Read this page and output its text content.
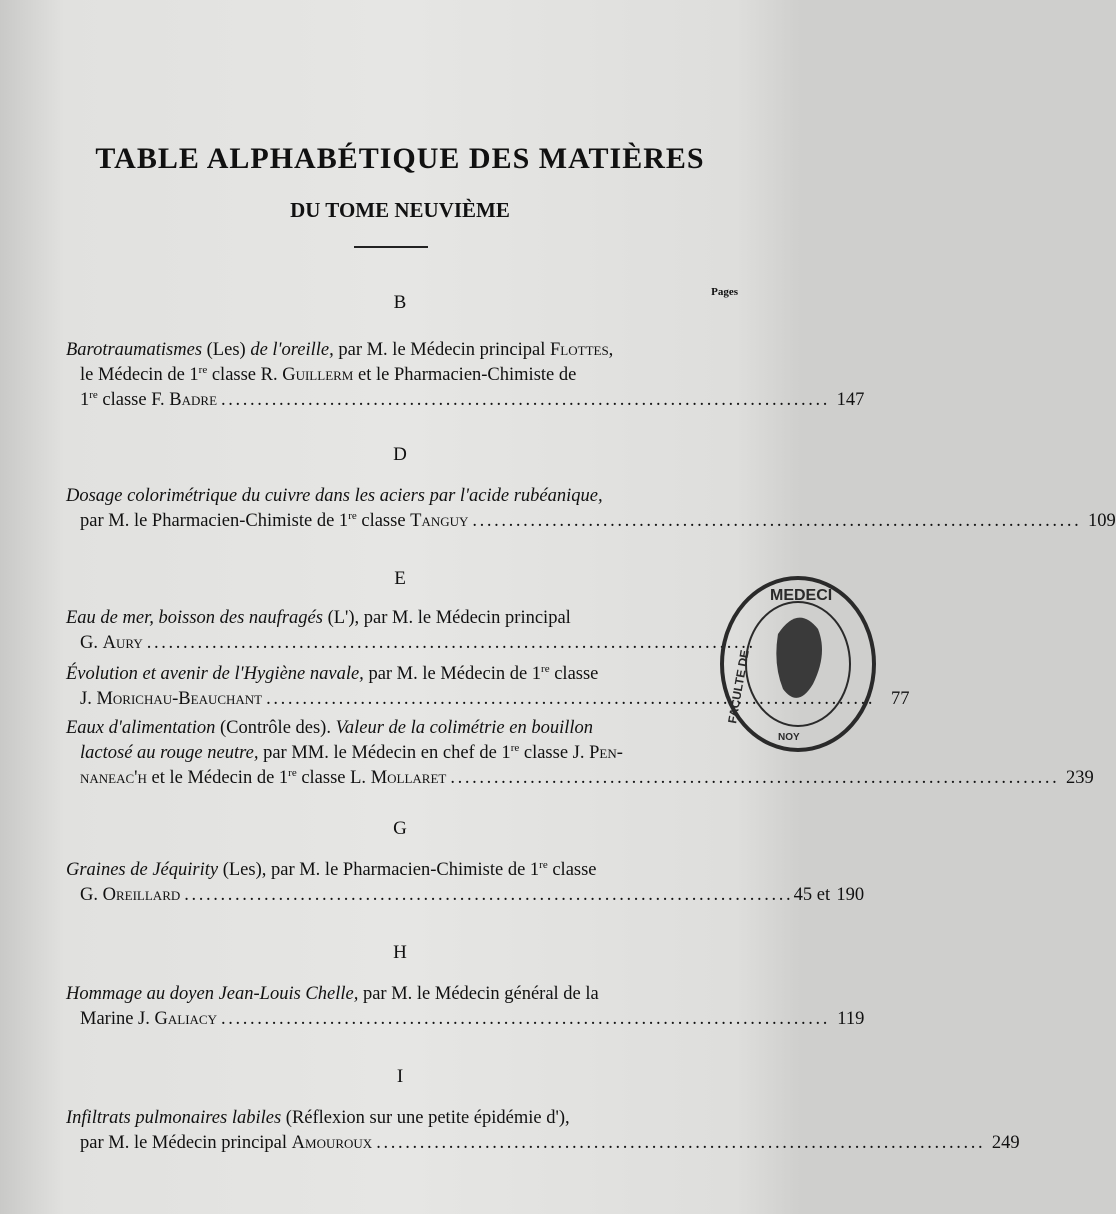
TABLE ALPHABÉTIQUE DES MATIÈRES
DU TOME NEUVIÈME
Pages
B
Barotraumatismes (Les) de l'oreille, par M. le Médecin principal Flottes,
le Médecin de 1re classe R. Guillerm et le Pharmacien-Chimiste de
1re classe F. Badre . . .	147
D
Dosage colorimétrique du cuivre dans les aciers par l'acide rubéanique,
par M. le Pharmacien-Chimiste de 1re classe Tanguy . . .	109
E
Eau de mer, boisson des naufragés (L'), par M. le Médecin principal
G. Aury
. . .
Évolution et avenir de l'Hygiène navale, par M. le Médecin de 1re classe
J. Morichau-Beauchant . . .	77
Eaux d'alimentation (Contrôle des). Valeur de la colimétrie en bouillon
lactosé au rouge neutre, par MM. le Médecin en chef de 1re classe J. Pen-
naneac'h et le Médecin de 1re classe L. Mollaret . . .	239
G
Graines de Jéquirity (Les), par M. le Pharmacien-Chimiste de 1re classe
G. Oreillard . . .	45 et 190
H
Hommage au doyen Jean-Louis Chelle, par M. le Médecin général de la
Marine J. Galiacy . . .	119
I
Infiltrats pulmonaires labiles (Réflexion sur une petite épidémie d'),
par M. le Médecin principal Amouroux . . .	249
MEDECI
FACULTE DE
NOY
